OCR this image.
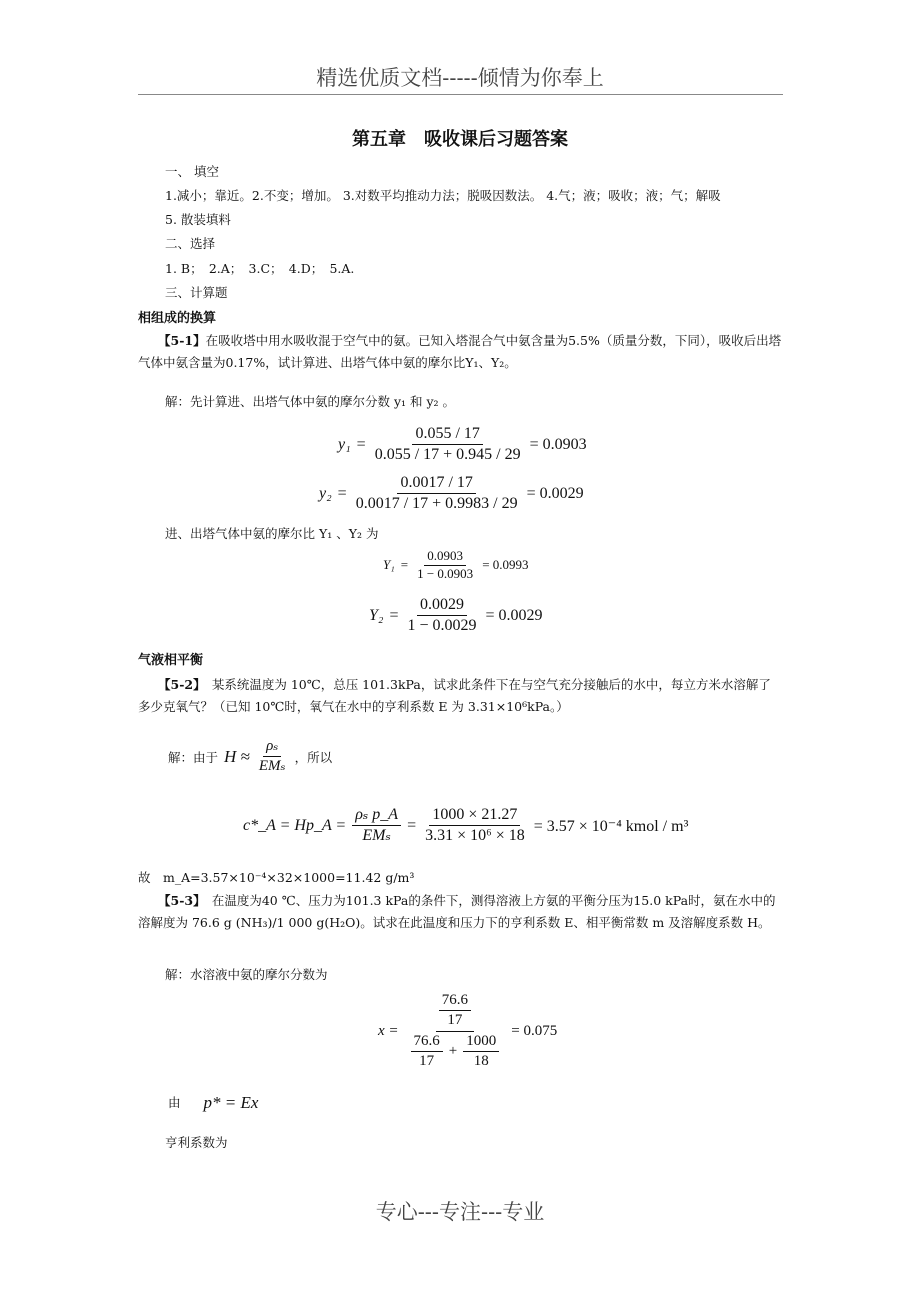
精选优质文档-----倾情为你奉上
第五章　吸收课后习题答案
一、 填空
1.减小；靠近。2.不变；增加。 3.对数平均推动力法；脱吸因数法。 4.气；液；吸收；液；气；解吸
5. 散装填料
二、选择
1. B；　2.A；　3.C；　4.D；　5.A.
三、计算题
相组成的换算
【5-1】在吸收塔中用水吸收混于空气中的氨。已知入塔混合气中氨含量为5.5%（质量分数，下同），吸收后出塔气体中氨含量为0.17%，试计算进、出塔气体中氨的摩尔比Y₁、Y₂。
解：先计算进、出塔气体中氨的摩尔分数 y₁ 和 y₂ 。
$y_1 = \frac{0.055 / 17}{0.055 / 17 + 0.945 / 29} = 0.0903$
$y_2 = \frac{0.0017 / 17}{0.0017 / 17 + 0.9983 / 29} = 0.0029$
进、出塔气体中氨的摩尔比 Y₁ 、Y₂ 为
$Y_1 = \frac{0.0903}{1 - 0.0903} = 0.0993$
$Y_2 = \frac{0.0029}{1 - 0.0029} = 0.0029$
气液相平衡
【5-2】　某系统温度为 10℃，总压 101.3kPa，试求此条件下在与空气充分接触后的水中，每立方米水溶解了多少克氧气？（已知 10℃时，氧气在水中的亨利系数 E 为 3.31×10⁶kPa。）
解：由于 $H \approx \frac{\text{ρₛ}}{\text{EMₛ}}$ ，所以
c*_A = Hp_A = $\frac{\text{ρₛ p\_A}}{\text{EMₛ}} = \frac{1000 \times 21.27}{\text{3.31 × 10⁶ × 18}} = 3.57 \times 10^{-4}$ kmol / m³
故　m_A=3.57×10⁻⁴×32×1000=11.42 g/m³
【5-3】　在温度为40 ℃、压力为101.3 kPa的条件下，测得溶液上方氨的平衡分压为15.0 kPa时，氨在水中的溶解度为 76.6 g (NH₃)/1 000 g(H₂O)。试求在此温度和压力下的亨利系数 E、相平衡常数 m 及溶解度系数 H。
解：水溶液中氨的摩尔分数为
x =
$\frac{76.6}{17}$
$\frac{76.6}{17} + \frac{1000}{18}$
= 0.075
由 p* = Ex
亨利系数为
专心---专注---专业
